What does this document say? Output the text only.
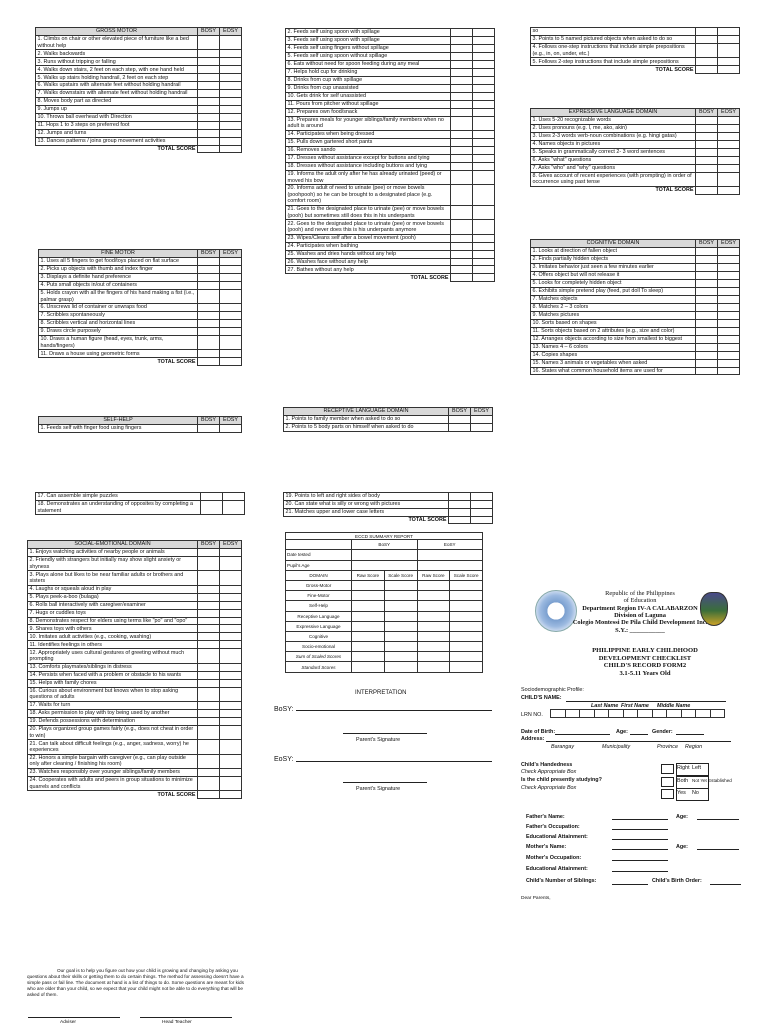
GROSS MOTOR	BOSY	EOSY
1. Climbs on chair or other elevated piece of furniture like a bed without help		
2. Walks backwards		
3. Runs without tripping or falling		
4. Walks down stairs, 2 feet on each step, with one hand held		
5. Walks up stairs holding handrail, 2 feet on each step		
6. Walks upstairs with alternate feet without holding handrail		
7. Walks downstairs with alternate feet without holding handrail		
8. Moves body part as directed		
9. Jumps up		
10. Throws ball overhead with Direction		
11. Hops 1 to 3 steps on preferred foot		
12. Jumps and turns		
13. Dances patterns / joins group movement activities		
TOTAL SCORE		
FINE MOTOR	BOSY	EOSY
1. Uses all 5 fingers to get food/toys placed on flat surface		
2. Picks up objects with thumb and index finger		
3. Displays a definite hand preference		
4. Puts small objects in/out of containers		
5. Holds crayon with all the fingers of his hand making a fist (i.e., palmar grasp)		
6. Unscrews lid of container or unwraps food		
7. Scribbles spontaneously		
8. Scribbles vertical and horizontal lines		
9. Draws circle purposely		
10. Draws a human figure (head, eyes, trunk, arms, hands/fingers)		
11. Draws a house using geometric forms		
TOTAL SCORE		
SELF-HELP	BOSY	EOSY
1. Feeds self with finger food using fingers		
2. Feeds self using spoon with spillage		
3. Feeds self using spoon with spillage		
4. Feeds self using fingers without spillage		
5. Feeds self using spoon without spillage		
6. Eats without need for spoon feeding during any meal		
7. Helps hold cup for drinking		
8. Drinks from cup with spillage		
9. Drinks from cup unassisted		
10. Gets drink for self unassisted		
11. Pours from pitcher without spillage		
12. Prepares own food/snack		
13. Prepares meals for younger siblings/family members when no adult is around		
14. Participates when being dressed		
15. Pulls down gartered short pants		
16. Removes sando		
17. Dresses without assistance except for buttons and tying		
18. Dresses without assistance including buttons and tying		
19. Informs the adult only after he has already urinated (peed) or moved his bow		
20. Informs adult of need to urinate (pee) or move bowels (poohpooh) so he can be brought to a designated place (e.g. comfort room)		
21. Goes to the designated place to urinate (pee) or move bowels (pooh) but sometimes still does this in his underpants		
22. Goes to the designated place to urinate (pee) or move bowels (pooh) and never does this is his underpants anymore		
23. Wipes/Cleans self after a bowel movement (pooh)		
24. Participates when bathing		
25. Washes and dries hands without any help		
26. Washes face without any help		
27. Bathes without any help		
TOTAL SCORE		
RECEPTIVE LANGUAGE DOMAIN	BOSY	EOSY
1. Points to family member when asked to do so		
2. Points to 5 body parts on himself when asked to do		
so		
3. Points to 5 named pictured objects when asked to do so		
4. Follows one-step instructions that include simple prepositions (e.g., in, on, under, etc.)		
5. Follows 2-step instructions that include simple prepositions		
TOTAL SCORE		
EXPRESSIVE LANGUAGE DOMAIN	BOSY	EOSY
1. Uses 5-20 recognizable words		
2. Uses pronouns (e.g. I, me, ako, akin)		
3. Uses 2-3 words verb-noun combinations (e.g. hingi gatas)		
4. Names objects in pictures		
5. Speaks in grammatically correct 2- 3 word sentences		
6. Asks "what" questions		
7. Asks "who" and "why" questions		
8. Gives account of recent experiences (with prompting) in order of occurrence using past tense		
TOTAL SCORE		
COGNITIVE DOMAIN	BOSY	EOSY
1. Looks at direction of fallen object		
2. Finds partially hidden objects		
3. Imitates behavior just seen a few minutes earlier		
4. Offers object but will not release it		
5. Looks for completely hidden object		
6. Exhibits simple pretend play (feed, put doll To sleep)		
7. Matches objects		
8. Matches 2 – 3 colors		
9. Matches pictures		
10. Sorts based on shapes		
11. Sorts objects based on 2 attributes (e.g., size and color)		
12. Arranges objects according to size from smallest to biggest		
13. Names 4 – 6 colors		
14. Copies shapes		
15. Names 3 animals or vegetables when asked		
16. States what common household items are used for		
17. Can assemble simple puzzles		
18. Demonstrates an understanding of opposites by completing a statement		
SOCIAL-EMOTIONAL DOMAIN	BOSY	EOSY
1. Enjoys watching activities of nearby people or animals		
2. Friendly with strangers but initially may show slight anxiety or shyness		
3. Plays alone but likes to be near familiar adults or brothers and sisters		
4. Laughs or squeals aloud in play		
5. Plays peek-a-boo (bulaga)		
6. Rolls ball interactively with caregiver/examiner		
7. Hugs or cuddles toys		
8. Demonstrates respect for elders using terms like "po" and "opo"		
9. Shares toys with others		
10. Imitates adult activities (e.g., cooking, washing)		
11. Identifies feelings in others		
12. Appropriately uses cultural gestures of greeting without much prompting		
13. Comforts playmates/siblings in distress		
14. Persists when faced with a problem or obstacle to his wants		
15. Helps with family chores		
16. Curious about environment but knows when to stop asking questions of adults		
17. Waits for turn		
18. Asks permission to play with toy being used by another		
19. Defends possessions with determination		
20. Plays organized group games fairly (e.g., does not cheat in order to win)		
21. Can talk about difficult feelings (e.g., anger, sadness, worry) he experiences		
22. Honors a simple bargain with caregiver (e.g., can play outside only after cleaning / finishing his room)		
23. Watches responsibly over younger siblings/family members		
24. Cooperates with adults and peers in group situations to minimize quarrels and conflicts		
TOTAL SCORE		
19. Points to left and right sides of body		
20. Can state what is silly or wrong with pictures		
21. Matches upper and lower case letters		
TOTAL SCORE		
ECCD SUMMARY REPORT				
	BoSY		EoSY	
Date tested				
Pupil's Age				
DOMAIN	Raw Score	Scale Score	Raw Score	Scale Score
Gross-Motor				
Fine-Motor				
Self-Help				
Receptive Language				
Expressive Language				
Cognitive				
Socio-emotional				
Sum of Scaled Scores				
Standard Scores				
INTERPRETATION
BoSY:
Parent's Signature
EoSY:
Parent's Signature
Republic of the Philippines
of Education
Department Region IV-A CALABARZON
Division of Laguna
Colegio Montessi De Pila Child Development Inc.
S.Y.: ___________
PHILIPPINE EARLY CHILDHOOD
DEVELOPMENT CHECKLIST
CHILD'S RECORD FORM2
3.1-5.11 Years Old
Sociodemographic Profile:
CHILD'S NAME:
Last Name First Name Middle Name
LRN NO.
Date of Birth:	Age:	Gender:
Address:
Barangay	Municipality	Province Region
Child's Handedness
Check Appropriate Box
Is the child presently studying?
Check Appropriate Box
Right
Both
Yes
Left
Not Yet Established
No
Father's Name:	Age:
Father's Occupation:
Educational Attainment:
Mother's Name:	Age:
Mother's Occupation:
Educational Attainment:
Child's Number of Siblings:	Child's Birth Order:
Dear Parents,
Our goal is to help you figure out how your child is growing and changing by asking you questions about their skills or getting them to do certain things. The method for assessing doesn't have a simple pass or fail line. The document at hand is a list of things to do. Some questions are meant for kids who are older than your child, so we expect that your child might not be able to do everything that will be asked of them.
Adviser	Head Teacher
